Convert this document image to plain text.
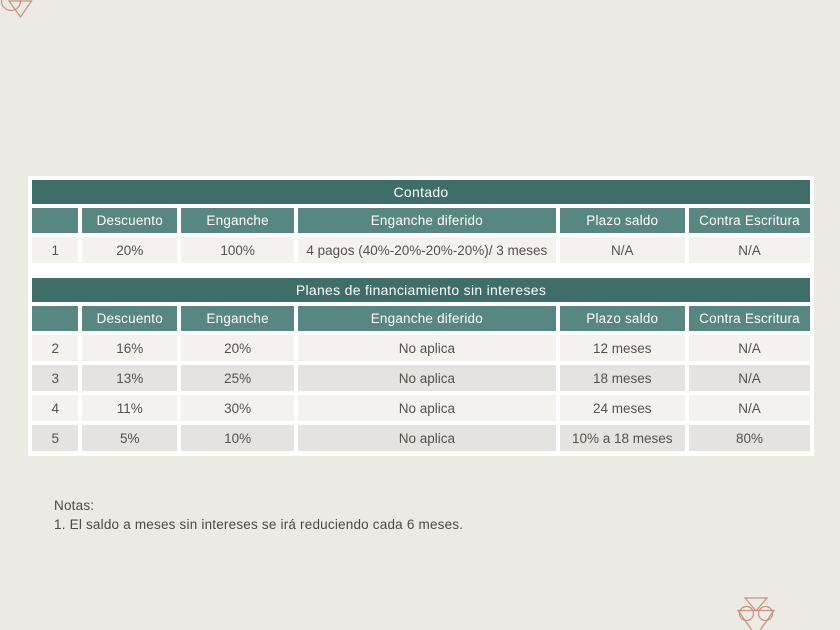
Contado					
	Descuento	Enganche	Enganche diferido	Plazo saldo	Contra Escritura
1	20%	100%	4 pagos (40%-20%-20%-20%)/ 3 meses	N/A	N/A
Planes de financiamiento sin intereses					
	Descuento	Enganche	Enganche diferido	Plazo saldo	Contra Escritura
2	16%	20%	No aplica	12 meses	N/A
3	13%	25%	No aplica	18 meses	N/A
4	11%	30%	No aplica	24 meses	N/A
5	5%	10%	No aplica	10% a 18 meses	80%
Notas:
1. El saldo a meses sin intereses se irá reduciendo cada 6 meses.
